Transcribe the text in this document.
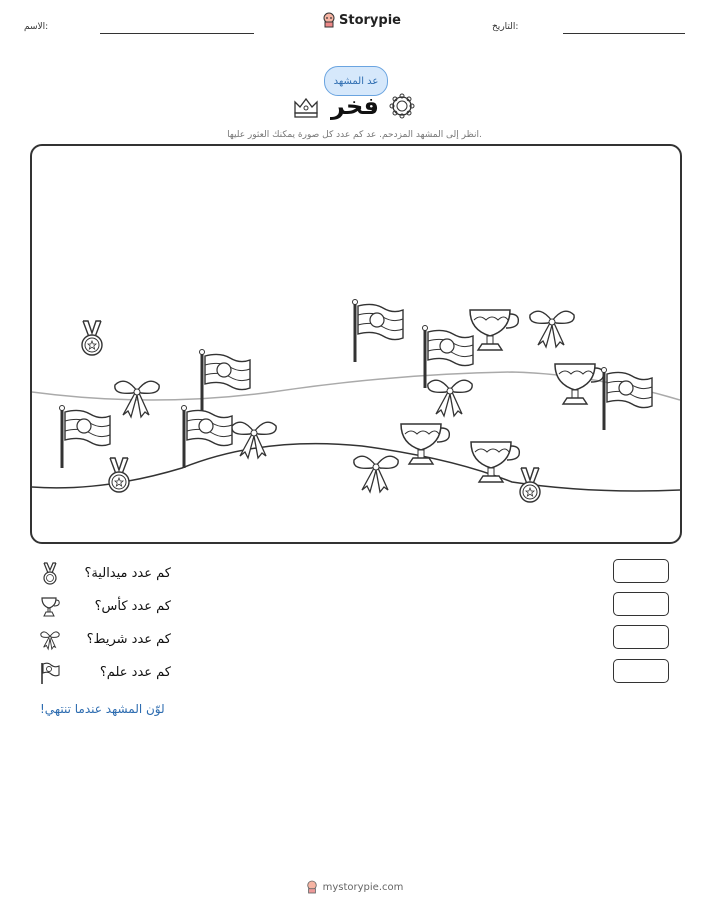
الاسم:	Storypie	التاريخ:
عد المشهد
فخر
انظر إلى المشهد المزدحم. عد كم عدد كل صورة يمكنك العثور عليها.
كم عدد ميدالية؟
كم عدد كأس؟
كم عدد شريط؟
كم عدد علم؟
لوّن المشهد عندما تنتهي!
mystorypie.com
